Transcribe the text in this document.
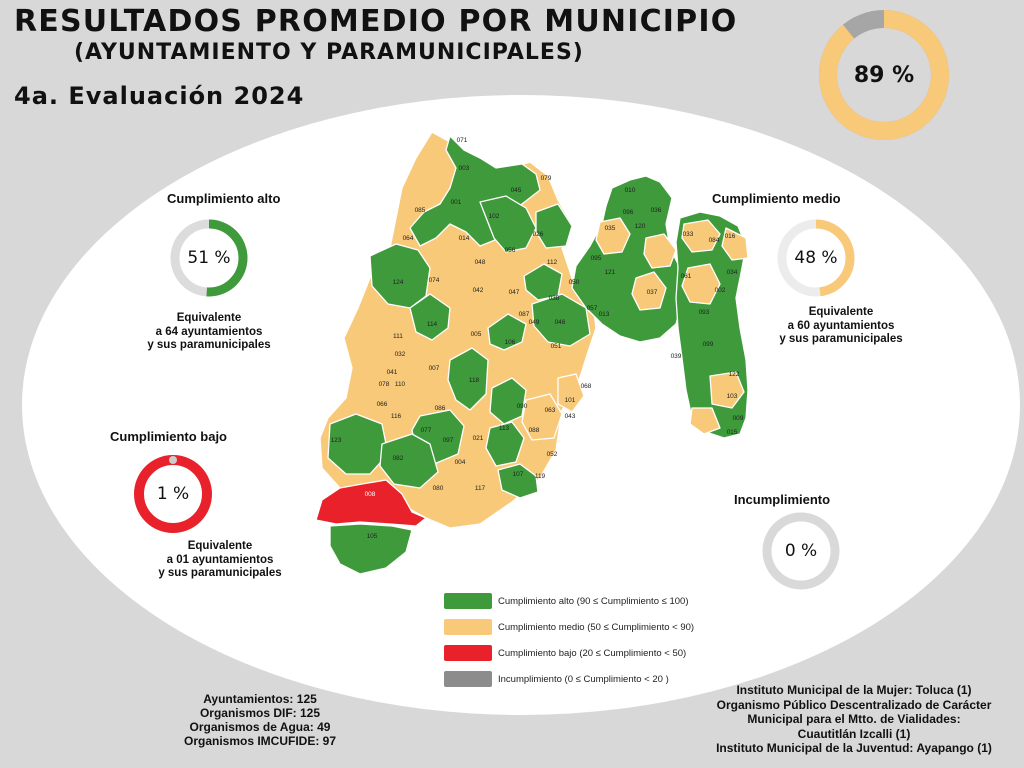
RESULTADOS PROMEDIO POR MUNICIPIO
(AYUNTAMIENTO Y PARAMUNICIPALES)
4a. Evaluación 2024
89 %
Cumplimiento alto
51 %
Equivalente
a 64 ayuntamientos
y sus paramunicipales
Cumplimiento medio
48 %
Equivalente
a 60 ayuntamientos
y sus paramunicipales
Cumplimiento bajo
1 %
Equivalente
a 01 ayuntamientos
y sus paramunicipales
Incumplimiento
0 %
071
003
045
079
085
001
102
064	014
026
048
056
112
124	074
042	047
038
114
005
087
111
032
007
106
051
041
110
078
118
066
116
086	090
101
123
077
097	021
113	088
082
004
052
107 119
080	117
008
105
010
096	036
035	120
095
050
121
013
046
057
037
033
084
016
061
002
093
099
039
122
103
009
015
034
068
043
063
049
Cumplimiento alto (90 ≤ Cumplimiento ≤ 100)
Cumplimiento medio (50 ≤ Cumplimiento < 90)
Cumplimiento bajo (20 ≤ Cumplimiento < 50)
Incumplimiento (0 ≤ Cumplimiento < 20 )
Ayuntamientos: 125
Organismos DIF: 125
Organismos de Agua: 49
Organismos IMCUFIDE: 97
Instituto Municipal de la Mujer: Toluca (1)
Organismo Público Descentralizado de Carácter
Municipal para el Mtto. de Vialidades:
Cuautitlán Izcalli (1)
Instituto Municipal de la Juventud: Ayapango (1)
